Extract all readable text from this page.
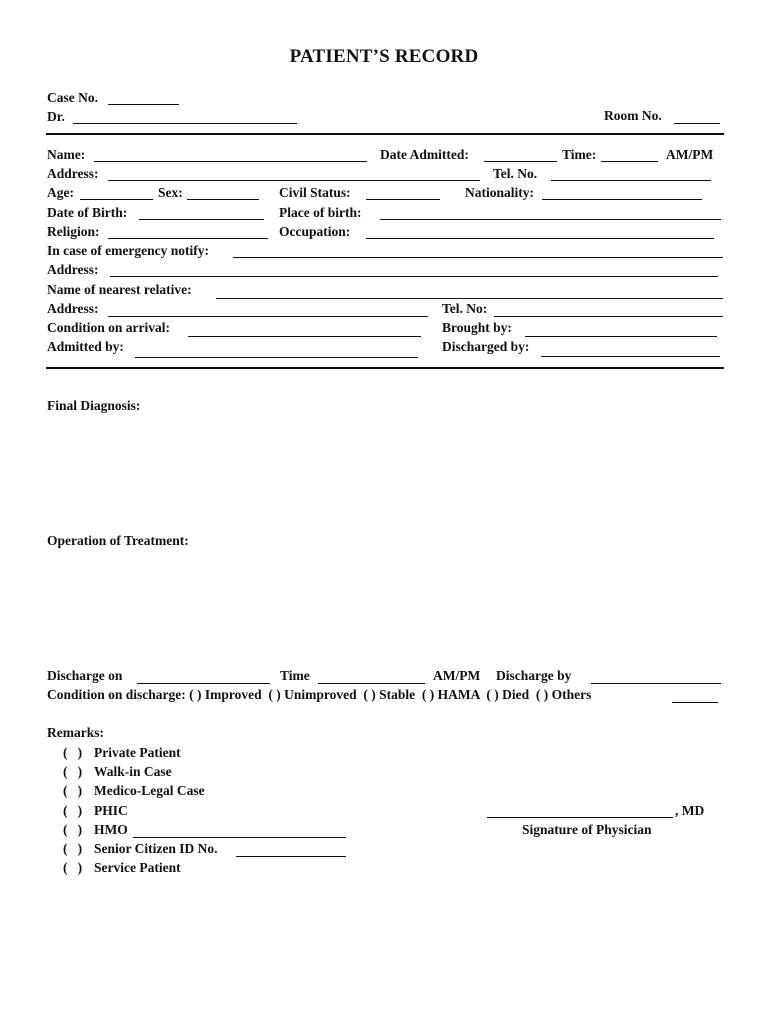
PATIENT’S RECORD
Case No.
Dr.	Room No.
Name:	Date Admitted:	Time:	AM/PM
Address:	Tel. No.
Age:	Sex:	Civil Status:	Nationality:
Date of Birth:	Place of birth:
Religion:	Occupation:
In case of emergency notify:
Address:
Name of nearest relative:
Address:	Tel. No:
Condition on arrival:	Brought by:
Admitted by:	Discharged by:
Final Diagnosis:
Operation of Treatment:
Discharge on	Time	AM/PM Discharge by
Condition on discharge: ( ) Improved  ( ) Unimproved  ( ) Stable  ( ) HAMA  ( ) Died  ( ) Others
Remarks:
(   ) Private Patient
(   ) Walk-in Case
(   ) Medico-Legal Case
(   ) PHIC
(   ) HMO
(   ) Senior Citizen ID No.
(   ) Service Patient
, MD
Signature of Physician
